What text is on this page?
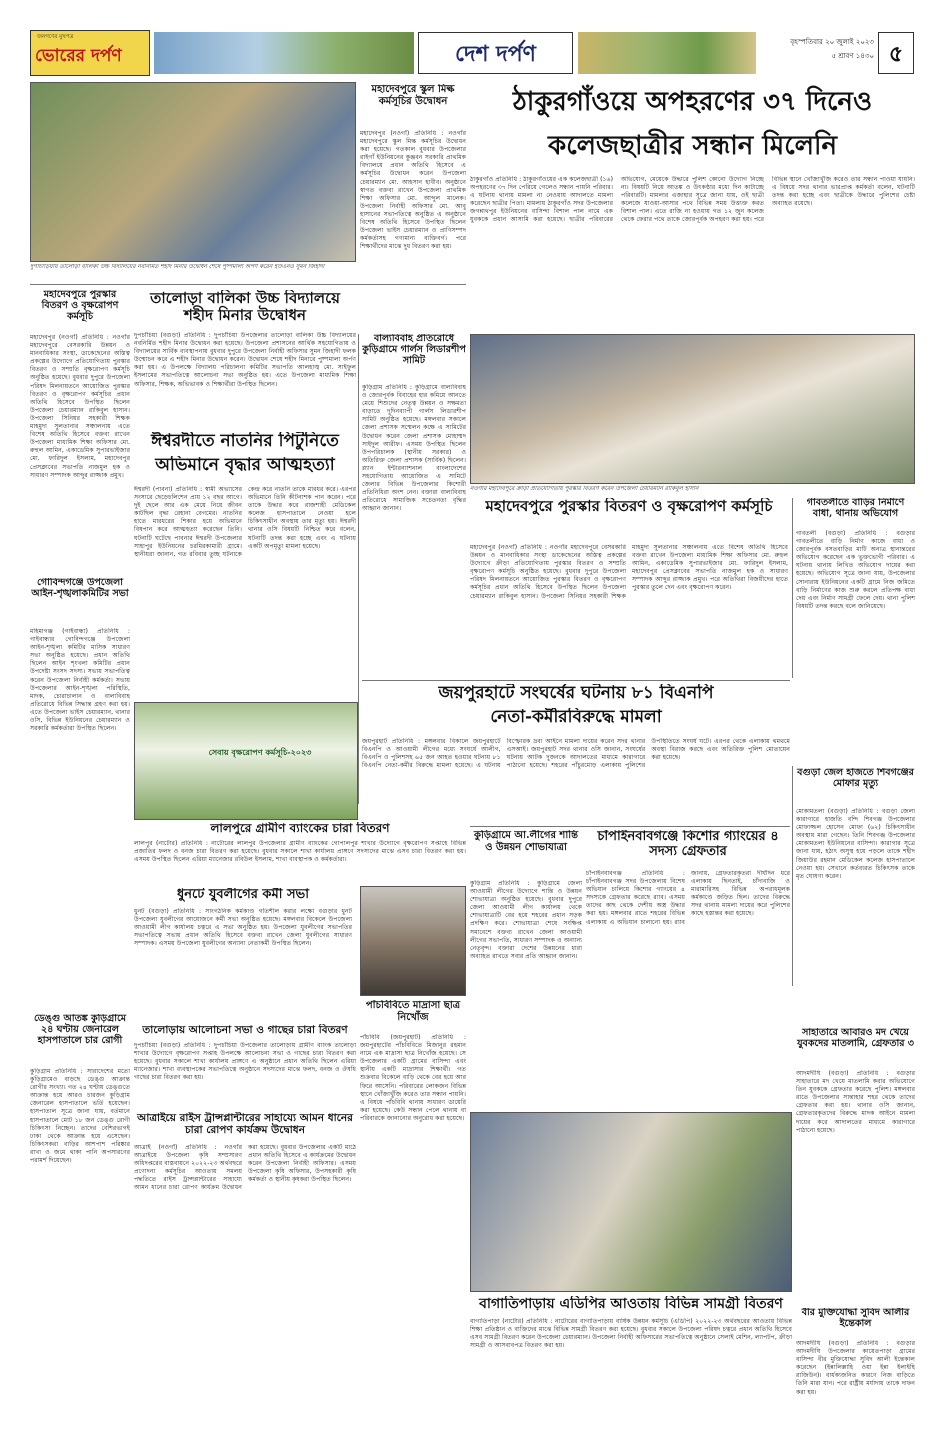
জনগণের মুখপত্র
ভোরের দর্পণ	দেশ দর্পণ	বৃহস্পতিবার ২০ জুলাই ২০২৩
৫ শ্রাবণ ১৪৩০ ৫
দুর্গাচাড়িয়ায় তালোড়া বালিকা উচ্চ বিদ্যালয়ের নবনির্মিত শহীদ মিনার উদ্বোধন শেষে পুষ্পমাল্য অর্পণ করেন ইউএনও সুমন জিহাদী
মহাদেবপুরে স্কুল মিল্ক কর্মসূচির উদ্বোধন
মহাদেবপুর (নওগাঁ) প্রতিনিধি : নওগাঁর মহাদেবপুরে স্কুল মিল্ক কর্মসূচির উদ্বোধন করা হয়েছে। গতকাল বুধবার উপজেলার রাইগাঁ ইউনিয়নের কুঞ্জবন সরকারি প্রাথমিক বিদ্যালয়ে প্রধান অতিথি হিসেবে এ কর্মসূচির উদ্বোধন করেন উপজেলা চেয়ারম্যান মো. আহসান হাবীব। অনুষ্ঠানে স্বাগত বক্তব্য রাখেন উপজেলা প্রাথমিক শিক্ষা অফিসার মো. আব্দুল মালেক। উপজেলা নির্বাহী অফিসার মো. আবু হাসানের সভাপতিত্বে অনুষ্ঠিত এ অনুষ্ঠানে বিশেষ অতিথি হিসেবে উপস্থিত ছিলেন উপজেলা ভাইস চেয়ারম্যান ও প্রাণিসম্পদ কর্মকর্তাসহ গণ্যমান্য ব্যক্তিবর্গ। পরে শিক্ষার্থীদের মাঝে দুধ বিতরণ করা হয়।
ঠাকুরগাঁওয়ে অপহরণের ৩৭ দিনেও
কলেজছাত্রীর সন্ধান মিলেনি
ঠাকুরগাঁও প্রতিনিধি : ঠাকুরগাঁওয়ের এক কলেজছাত্রী (১৬) অপহরণের ৩৭ দিন পেরিয়ে গেলেও সন্ধান পায়নি পরিবার। এ ঘটনায় থানায় মামলা না নেওয়ায় আদালতে মামলা করেছেন ছাত্রীর পিতা। মামলায় ঠাকুরগাঁও সদর উপজেলার জগন্নাথপুর ইউনিয়নের বাসিন্দা বিশাল পাল নামে এক যুবককে প্রধান আসামি করা হয়েছে। ছাত্রীর পরিবারের অভিযোগ, মেয়েকে উদ্ধারে পুলিশ কোনো উদ্যোগ নিচ্ছে না। বিষয়টি নিয়ে আতঙ্ক ও উৎকণ্ঠার মধ্যে দিন কাটাচ্ছে পরিবারটি। মামলার এজাহার সূত্রে জানা যায়, ওই ছাত্রী কলেজে যাওয়া-আসার পথে বিভিন্ন সময় উত্ত্যক্ত করত বিশাল পাল। এতে রাজি না হওয়ায় গত ১২ জুন কলেজ থেকে ফেরার পথে তাকে জোরপূর্বক অপহরণ করা হয়। পরে বিভিন্ন স্থানে খোঁজাখুঁজি করেও তার সন্ধান পাওয়া যায়নি। এ বিষয়ে সদর থানার ভারপ্রাপ্ত কর্মকর্তা বলেন, ঘটনাটি তদন্ত করা হচ্ছে এবং ছাত্রীকে উদ্ধারে পুলিশের চেষ্টা অব্যাহত রয়েছে।
মহাদেবপুরে পুরস্কার বিতরণ ও বৃক্ষরোপণ কর্মসূচি
মহাদেবপুর (নওগাঁ) প্রতিনিধি : নওগাঁর মহাদেবপুরে বেসরকারি উন্নয়ন ও মানবাধিকার সংস্থা, ডাকেছেনের অস্তিত্ব প্রকল্পের উদ্যোগে প্রতিযোগিতায় পুরস্কার বিতরণ ও সম্প্রতি বৃক্ষরোপণ কর্মসূচি অনুষ্ঠিত হয়েছে। বুধবার দুপুরে উপজেলা পরিষদ মিলনায়তনে আয়োজিত পুরস্কার বিতরণ ও বৃক্ষরোপণ কর্মসূচির প্রধান অতিথি হিসেবে উপস্থিত ছিলেন উপজেলা চেয়ারম্যান রাকিবুল হাসান। উপজেলা সিনিয়র সহকারী শিক্ষক মাহমুদা সুলতানার সঞ্চালনায় এতে বিশেষ অতিথি হিসেবে বক্তব্য রাখেন উপজেলা মাধ্যমিক শিক্ষা অফিসার মো. রুহুল আমিন, একাডেমিক সুপারভাইজার মো. ফারিদুল ইসলাম, মহাদেবপুর প্রেসক্লাবের সভাপতি নাজমুল হক ও সাধারণ সম্পাদক আব্দুর রাজ্জাক প্রমুখ।
তালোড়া বালিকা উচ্চ বিদ্যালয়ে শহীদ মিনার উদ্বোধন
দুপচাঁচিয়া (বগুড়া) প্রতিনিধি : দুপচাঁচিয়া উপজেলার তালোড়া বালিকা উচ্চ বিদ্যালয়ের নবনির্মিত শহীদ মিনার উদ্বোধন করা হয়েছে। উপজেলা প্রশাসনের আর্থিক সহযোগিতায় ও বিদ্যালয়ের সার্বিক ব্যবস্থাপনায় বুধবার দুপুরে উপজেলা নির্বাহী অফিসার সুমন জিহাদী ফলক উন্মোচন করে এ শহীদ মিনার উদ্বোধন করেন। উদ্বোধন শেষে শহীদ মিনারে পুষ্পমাল্য অর্পণ করা হয়। এ উপলক্ষে বিদ্যালয় পরিচালনা কমিটির সভাপতি আলহাজ্ব মো. সাইফুল ইসলামের সভাপতিত্বে আলোচনা সভা অনুষ্ঠিত হয়। এতে উপজেলা মাধ্যমিক শিক্ষা অফিসার, শিক্ষক, অভিভাবক ও শিক্ষার্থীরা উপস্থিত ছিলেন।
বাল্যবিবাহ প্রতিরোধে কুড়িগ্রামে গার্লস লিডারশীপ সামিট
কুড়িগ্রাম প্রতিনিধি : কুড়িগ্রামে বাল্যবিবাহ ও জোরপূর্বক বিবাহের হার কমিয়ে আনতে মেয়ে শিশুদের নেতৃত্ব উন্নয়ন ও সক্ষমতা বাড়াতে দুদিনব্যাপী গার্লস লিডারশীপ সামিট অনুষ্ঠিত হয়েছে। মঙ্গলবার সকালে জেলা প্রশাসক সম্মেলন কক্ষে এ সামিটের উদ্বোধন করেন জেলা প্রশাসক মোহাম্মদ সাইদুল আরীফ। এসময় উপস্থিত ছিলেন উপপরিচালক (স্থানীয় সরকার) ও অতিরিক্ত জেলা প্রশাসক (সার্বিক) ছিলেন। প্ল্যান ইন্টারন্যাশনাল বাংলাদেশের সহযোগিতায় আয়োজিত এ সামিটে জেলার বিভিন্ন উপজেলার কিশোরী প্রতিনিধিরা অংশ নেন। বক্তারা বাল্যবিবাহ প্রতিরোধে সামাজিক সচেতনতা বৃদ্ধির আহ্বান জানান।
নওগাঁর মহাদেবপুরে ক্রীড়া প্রতিযোগিতায় পুরস্কার বিতরণ করেন উপজেলা চেয়ারম্যান রাকিবুল হাসান
ঈশ্বরদীতে নাতনির পিটুনিতে
অভিমানে বৃদ্ধার আত্মহত্যা
ঈশ্বরদী (পাবনা) প্রতিনিধি : স্বামী অভ্যাসের সংসারে ছেড়েচলিশেন প্রায় ১২ বছর আগে। দুই ছেলে আর এক মেয়ে নিয়ে জীবন কাটছিল বৃদ্ধা রেহানা বেগমের। নাতনির হাতে মারধরের শিকার হয়ে অভিমানে বিষপান করে আত্মহত্যা করেছেন তিনি। ঘটনাটি ঘটেছে পাবনার ঈশ্বরদী উপজেলার সাহাপুর ইউনিয়নের চরমিরকামারী গ্রামে। স্থানীয়রা জানান, গত রবিবার তুচ্ছ ঘটনাকে কেন্দ্র করে নাতনি তাকে মারধর করে। এরপর অভিমানে তিনি কীটনাশক পান করেন। পরে তাকে উদ্ধার করে রাজশাহী মেডিকেল কলেজ হাসপাতালে নেওয়া হলে চিকিৎসাধীন অবস্থায় তার মৃত্যু হয়। ঈশ্বরদী থানার ওসি বিষয়টি নিশ্চিত করে বলেন, ঘটনাটি তদন্ত করা হচ্ছে এবং এ ঘটনায় একটি অপমৃত্যু মামলা হয়েছে।
মহাদেবপুরে পুরস্কার বিতরণ ও বৃক্ষরোপণ কর্মসূচি
মহাদেবপুর (নওগাঁ) প্রতিনিধি : নওগাঁর মহাদেবপুরে বেসরকারি উন্নয়ন ও মানবাধিকার সংস্থা ডাকেছেনের অস্তিত্ব প্রকল্পের উদ্যোগে ক্রীড়া প্রতিযোগিতায় পুরস্কার বিতরণ ও সম্প্রতি বৃক্ষরোপণ কর্মসূচি অনুষ্ঠিত হয়েছে। বুধবার দুপুরে উপজেলা পরিষদ মিলনায়তনে আয়োজিত পুরস্কার বিতরণ ও বৃক্ষরোপণ কর্মসূচির প্রধান অতিথি হিসেবে উপস্থিত ছিলেন উপজেলা চেয়ারম্যান রাকিবুল হাসান। উপজেলা সিনিয়র সহকারী শিক্ষক মাহমুদা সুলতানার সঞ্চালনায় এতে বিশেষ অতিথি হিসেবে বক্তব্য রাখেন উপজেলা মাধ্যমিক শিক্ষা অফিসার মো. রুহুল আমিন, একাডেমিক সুপারভাইজার মো. ফারিদুল ইসলাম, মহাদেবপুর প্রেসক্লাবের সভাপতি নাজমুল হক ও সাধারণ সম্পাদক আব্দুর রাজ্জাক প্রমুখ। পরে অতিথিরা বিজয়ীদের হাতে পুরস্কার তুলে দেন এবং বৃক্ষরোপণ করেন।
গাবতলীতে বাড়ির নির্মাণে বাধা, থানায় অভিযোগ
গাবতলী (বগুড়া) প্রতিনিধি : বগুড়ার গাবতলীতে বাড়ি নির্মাণ কাজে বাধা ও জোরপূর্বক বসতবাড়ির মাটি অন্যত্র স্থানান্তরের অভিযোগ করেছেন এক ভুক্তভোগী পরিবার। এ ঘটনায় থানায় লিখিত অভিযোগ দায়ের করা হয়েছে। অভিযোগ সূত্রে জানা যায়, উপজেলার সোনারায় ইউনিয়নের একটি গ্রামে নিজ জমিতে বাড়ি নির্মাণের কাজ শুরু করলে প্রতিপক্ষ বাধা দেয় এবং নির্মাণ সামগ্রী ফেলে দেয়। থানা পুলিশ বিষয়টি তদন্ত করছে বলে জানিয়েছে।
গোবিন্দগঞ্জে উপজেলা আইন-শৃঙ্খলাকমিটির সভা
মহিমাগঞ্জ (গাইবান্ধা) প্রতিনিধি : গাইবান্ধার গোবিন্দগঞ্জে উপজেলা আইন-শৃঙ্খলা কমিটির মাসিক সাধারণ সভা অনুষ্ঠিত হয়েছে। প্রধান অতিথি ছিলেন আইন শৃংখলা কমিটির প্রধান উপদেষ্টা সংসদ সদস্য। সভায় সভাপতিত্ব করেন উপজেলা নির্বাহী কর্মকর্তা। সভায় উপজেলার আইন-শৃঙ্খলা পরিস্থিতি, মাদক, চোরাচালান ও বাল্যবিবাহ প্রতিরোধে বিভিন্ন সিদ্ধান্ত গ্রহণ করা হয়। এতে উপজেলা ভাইস চেয়ারম্যান, থানার ওসি, বিভিন্ন ইউনিয়নের চেয়ারম্যান ও সরকারি কর্মকর্তারা উপস্থিত ছিলেন।
জয়পুরহাটে সংঘর্ষের ঘটনায় ৮১ বিএনপি
নেতা-কর্মীরবিরুদ্ধে মামলা
জয়পুরহাট প্রতিনিধি : মঙ্গলবার বিকালে জয়পুরহাটে বিএনপি ও আওয়ামী লীগের মধ্যে সংঘর্ষে আলীগ, বিএনপি ও পুলিশসহ ৬৫ জন আহত হওয়ার ঘটনায় ৮১ বিএনপি নেতা-কর্মীর বিরুদ্ধে মামলা হয়েছে। এ ঘটনায় বিস্ফোরক দ্রব্য আইনে মামলা দায়ের করেন সদর থানার এসআই। জয়পুরহাট সদর থানার ওসি জানান, সংঘর্ষের ঘটনায় আটক দুজনকে আদালতের মাধ্যমে কারাগারে পাঠানো হয়েছে। শহরের পাঁচুরমোড় এলাকায় পুলিশের উপস্থিতিতে সংঘর্ষ ঘটে। এরপর থেকে এলাকায় থমথমে অবস্থা বিরাজ করছে এবং অতিরিক্ত পুলিশ মোতায়েন করা হয়েছে।
সেবায় বৃক্ষরোপণ কর্মসূচি-২০২৩
বগুড়া জেল হাজতে শিবগঞ্জের মোফার মৃত্যু
মোকামতলা (বগুড়া) প্রতিনিধি : বগুড়া জেলা কারাগারে হাজতি বন্দি শিবগঞ্জ উপজেলার মোফাজ্জল হোসেন মোফা (৬২) চিকিৎসাধীন অবস্থায় মারা গেছেন। তিনি শিবগঞ্জ উপজেলার মোকামতলা ইউনিয়নের বাসিন্দা। কারাগার সূত্রে জানা যায়, হঠাৎ অসুস্থ হয়ে পড়লে তাকে শহীদ জিয়াউর রহমান মেডিকেল কলেজ হাসপাতালে নেওয়া হয়। সেখানে কর্তব্যরত চিকিৎসক তাকে মৃত ঘোষণা করেন।
লালপুরে গ্রামীণ ব্যাংকের চারা বিতরণ
লালপুর (নাটোর) প্রতিনিধি : নাটোরের লালপুর উপজেলার গ্রামীণ ব্যাংকের গোপালপুর শাখার উদ্যোগে বৃক্ষরোপণ সপ্তাহে বিভিন্ন প্রজাতির ফলদ ও বনজ চারা বিতরণ করা হয়েছে। বুধবার সকালে শাখা কার্যালয় প্রাঙ্গণে সদস্যদের মাঝে এসব চারা বিতরণ করা হয়। এসময় উপস্থিত ছিলেন এরিয়া ম্যানেজার রবিউল ইসলাম, শাখা ব্যবস্থাপক ও কর্মকর্তারা।
কুড়িগ্রামে আ.লীগের শান্তি ও উন্নয়ন শোভাযাত্রা
কুড়িগ্রাম প্রতিনিধি : কুড়িগ্রামে জেলা আওয়ামী লীগের উদ্যোগে শান্তি ও উন্নয়ন শোভাযাত্রা অনুষ্ঠিত হয়েছে। বুধবার দুপুরে জেলা আওয়ামী লীগ কার্যালয় থেকে শোভাযাত্রাটি বের হয়ে শহরের প্রধান সড়ক প্রদক্ষিণ করে। শোভাযাত্রা শেষে সংক্ষিপ্ত সমাবেশে বক্তব্য রাখেন জেলা আওয়ামী লীগের সভাপতি, সাধারণ সম্পাদক ও অন্যান্য নেতৃবৃন্দ। বক্তারা দেশের উন্নয়নের ধারা অব্যাহত রাখতে সবার প্রতি আহ্বান জানান।
চাঁপাইনবাবগঞ্জে কিশোর গ্যাংয়ের ৪ সদস্য গ্রেফতার
চাঁপাইনবাবগঞ্জ প্রতিনিধি : চাঁপাইনবাবগঞ্জ সদর উপজেলায় বিশেষ অভিযান চালিয়ে কিশোর গ্যাংয়ের ৪ সদস্যকে গ্রেফতার করেছে র‍্যাব। এসময় তাদের কাছ থেকে দেশীয় অস্ত্র উদ্ধার করা হয়। মঙ্গলবার রাতে শহরের বিভিন্ন এলাকায় এ অভিযান চালানো হয়। র‍্যাব জানায়, গ্রেফতারকৃতরা দীর্ঘদিন ধরে এলাকায় ছিনতাই, চাঁদাবাজি ও মারামারিসহ বিভিন্ন অপরাধমূলক কর্মকাণ্ডে জড়িত ছিল। তাদের বিরুদ্ধে সদর থানায় মামলা দায়ের করে পুলিশের কাছে হস্তান্তর করা হয়েছে।
ধুনটে যুবলীগের কর্মী সভা
ধুনট (বগুড়া) প্রতিনিধি : সাংগঠনিক কর্মকাণ্ড গতিশীল করার লক্ষ্যে বগুড়ার ধুনট উপজেলা যুবলীগের আয়োজনে কর্মী সভা অনুষ্ঠিত হয়েছে। মঙ্গলবার বিকেলে উপজেলা আওয়ামী লীগ কার্যালয় চত্বরে এ সভা অনুষ্ঠিত হয়। উপজেলা যুবলীগের সভাপতির সভাপতিত্বে সভায় প্রধান অতিথি হিসেবে বক্তব্য রাখেন জেলা যুবলীগের সাধারণ সম্পাদক। এসময় উপজেলা যুবলীগের অন্যান্য নেতাকর্মী উপস্থিত ছিলেন।
সাহাতারে আবারও মদ খেয়ে যুবকদের মাতলামি, গ্রেফতার ৩
আদমদীঘি (বগুড়া) প্রতিনিধি : বগুড়ার সাহাতারে মদ খেয়ে মাতলামি করার অভিযোগে তিন যুবককে গ্রেফতার করেছে পুলিশ। মঙ্গলবার রাতে উপজেলার সান্তাহার শহর থেকে তাদের গ্রেফতার করা হয়। থানার ওসি জানান, গ্রেফতারকৃতদের বিরুদ্ধে মাদক আইনে মামলা দায়ের করে আদালতের মাধ্যমে কারাগারে পাঠানো হয়েছে।
ডেঙ্গু আতঙ্ক কুড়িগ্রামে ২৪ ঘণ্টায় জেনারেল হাসপাতালে চার রোগী
কুড়িগ্রাম প্রতিনিধি : সারাদেশের মতো কুড়িগ্রামেও বাড়ছে ডেঙ্গু আক্রান্ত রোগীর সংখ্যা। গত ২৪ ঘণ্টায় ডেঙ্গুতে আক্রান্ত হয়ে আরও চারজন কুড়িগ্রাম জেনারেল হাসপাতালে ভর্তি হয়েছেন। হাসপাতাল সূত্রে জানা যায়, বর্তমানে হাসপাতালে মোট ১৮ জন ডেঙ্গু রোগী চিকিৎসা নিচ্ছেন। তাদের বেশিরভাগই ঢাকা থেকে আক্রান্ত হয়ে এসেছেন। চিকিৎসকরা বাড়ির আশপাশ পরিষ্কার রাখা ও জমে থাকা পানি অপসারণের পরামর্শ দিয়েছেন।
পাঁচবিবিতে মাদ্রাসা ছাত্র নিখোঁজ
পাঁচবিবি (জয়পুরহাট) প্রতিনিধি : জয়পুরহাটের পাঁচবিবিতে মিজানুর রহমান নামে এক মাদ্রাসা ছাত্র নিখোঁজ হয়েছে। সে উপজেলার একটি গ্রামের বাসিন্দা এবং স্থানীয় একটি মাদ্রাসার শিক্ষার্থী। গত শুক্রবার বিকেলে বাড়ি থেকে বের হয়ে আর ফিরে আসেনি। পরিবারের লোকজন বিভিন্ন স্থানে খোঁজাখুঁজি করেও তার সন্ধান পায়নি। এ বিষয়ে পাঁচবিবি থানায় সাধারণ ডায়েরি করা হয়েছে। কেউ সন্ধান পেলে থানায় বা পরিবারকে জানানোর অনুরোধ করা হয়েছে।
তালোড়ায় আলোচনা সভা ও গাছের চারা বিতরণ
দুপচাঁচিয়া (বগুড়া) প্রতিনিধি : দুপচাঁচিয়া উপজেলার তালোড়ায় গ্রামীণ ব্যাংক তালোড়া শাখার উদ্যোগে বৃক্ষরোপণ সপ্তাহ উপলক্ষে আলোচনা সভা ও গাছের চারা বিতরণ করা হয়েছে। বুধবার সকালে শাখা কার্যালয় প্রাঙ্গণে এ অনুষ্ঠানে প্রধান অতিথি ছিলেন এরিয়া ম্যানেজার। শাখা ব্যবস্থাপকের সভাপতিত্বে অনুষ্ঠানে সদস্যদের মাঝে ফলদ, বনজ ও ঔষধি গাছের চারা বিতরণ করা হয়।
আত্রাইয়ে রাইস ট্রান্সপ্লান্টারের সাহায্যে আমন ধানের চারা রোপণ কার্যক্রম উদ্বোধন
আত্রাই (নওগাঁ) প্রতিনিধি : নওগাঁর আত্রাইয়ে উপজেলা কৃষি সম্প্রসারণ অধিদপ্তরের বাস্তবায়নে ২০২২-২৩ অর্থবছরে প্রণোদনা কর্মসূচির আওতায় সমলয় পদ্ধতিতে রাইস ট্রান্সপ্লান্টারের সাহায্যে আমন ধানের চারা রোপণ কার্যক্রম উদ্বোধন করা হয়েছে। বুধবার উপজেলার একটি মাঠে প্রধান অতিথি হিসেবে এ কার্যক্রমের উদ্বোধন করেন উপজেলা নির্বাহী অফিসার। এসময় উপজেলা কৃষি অফিসার, উপসহকারী কৃষি কর্মকর্তা ও স্থানীয় কৃষকরা উপস্থিত ছিলেন।
বাগাতিপাড়ায় এডিপির আওতায় বিভিন্ন সামগ্রী বিতরণ
বাগাতিপাড়া (নাটোর) প্রতিনিধি : নাটোরের বাগাতিপাড়ায় বার্ষিক উন্নয়ন কর্মসূচি (এডিপি) ২০২২-২৩ অর্থবছরের আওতায় বিভিন্ন শিক্ষা প্রতিষ্ঠান ও ব্যক্তিদের মাঝে বিভিন্ন সামগ্রী বিতরণ করা হয়েছে। বুধবার সকালে উপজেলা পরিষদ চত্বরে প্রধান অতিথি হিসেবে এসব সামগ্রী বিতরণ করেন উপজেলা চেয়ারম্যান। উপজেলা নির্বাহী অফিসারের সভাপতিত্বে অনুষ্ঠানে সেলাই মেশিন, ল্যাপটপ, ক্রীড়া সামগ্রী ও আসবাবপত্র বিতরণ করা হয়।
বীর মুক্তিযোদ্ধা সুবিদ আলীর ইন্তেকাল
আদমদীঘি (বগুড়া) প্রতিনিধি : বগুড়ার আদমদীঘি উপজেলার কায়েতপাড়া গ্রামের বাসিন্দা বীর মুক্তিযোদ্ধা সুবিদ আলী ইন্তেকাল করেছেন (ইন্নালিল্লাহি ওয়া ইন্না ইলাইহি রাজিউন)। বার্ধক্যজনিত কারণে নিজ বাড়িতে তিনি মারা যান। পরে রাষ্ট্রীয় মর্যাদায় তাকে দাফন করা হয়।
